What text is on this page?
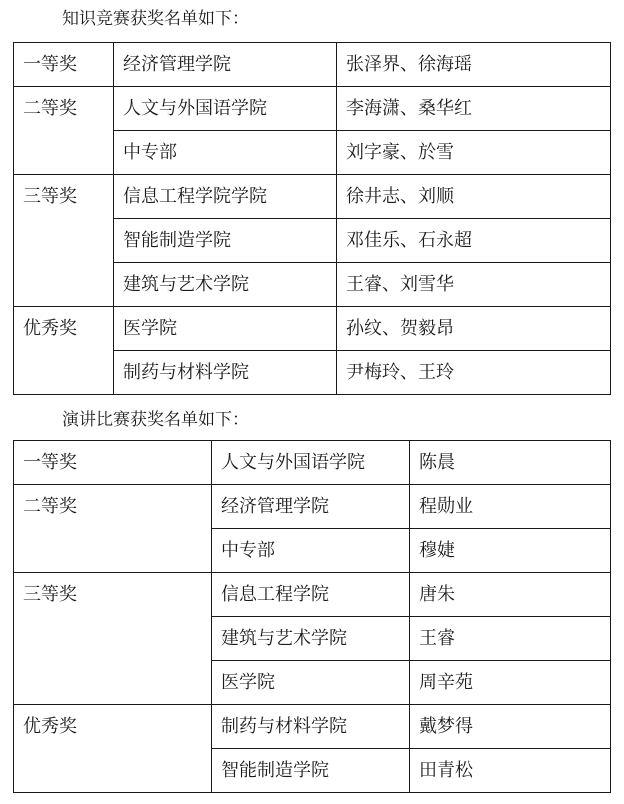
知识竞赛获奖名单如下：
一等奖	经济管理学院	张泽界、徐海瑶
二等奖	人文与外国语学院	李海潇、桑华红
	中专部	刘字豪、於雪
三等奖	信息工程学院学院	徐井志、刘顺
	智能制造学院	邓佳乐、石永超
	建筑与艺术学院	王睿、刘雪华
优秀奖	医学院	孙纹、贺毅昂
	制药与材料学院	尹梅玲、王玲
演讲比赛获奖名单如下：
一等奖	人文与外国语学院	陈晨
二等奖	经济管理学院	程勋业
	中专部	穆婕
三等奖	信息工程学院	唐朱
	建筑与艺术学院	王睿
	医学院	周辛苑
优秀奖	制药与材料学院	戴梦得
	智能制造学院	田青松
